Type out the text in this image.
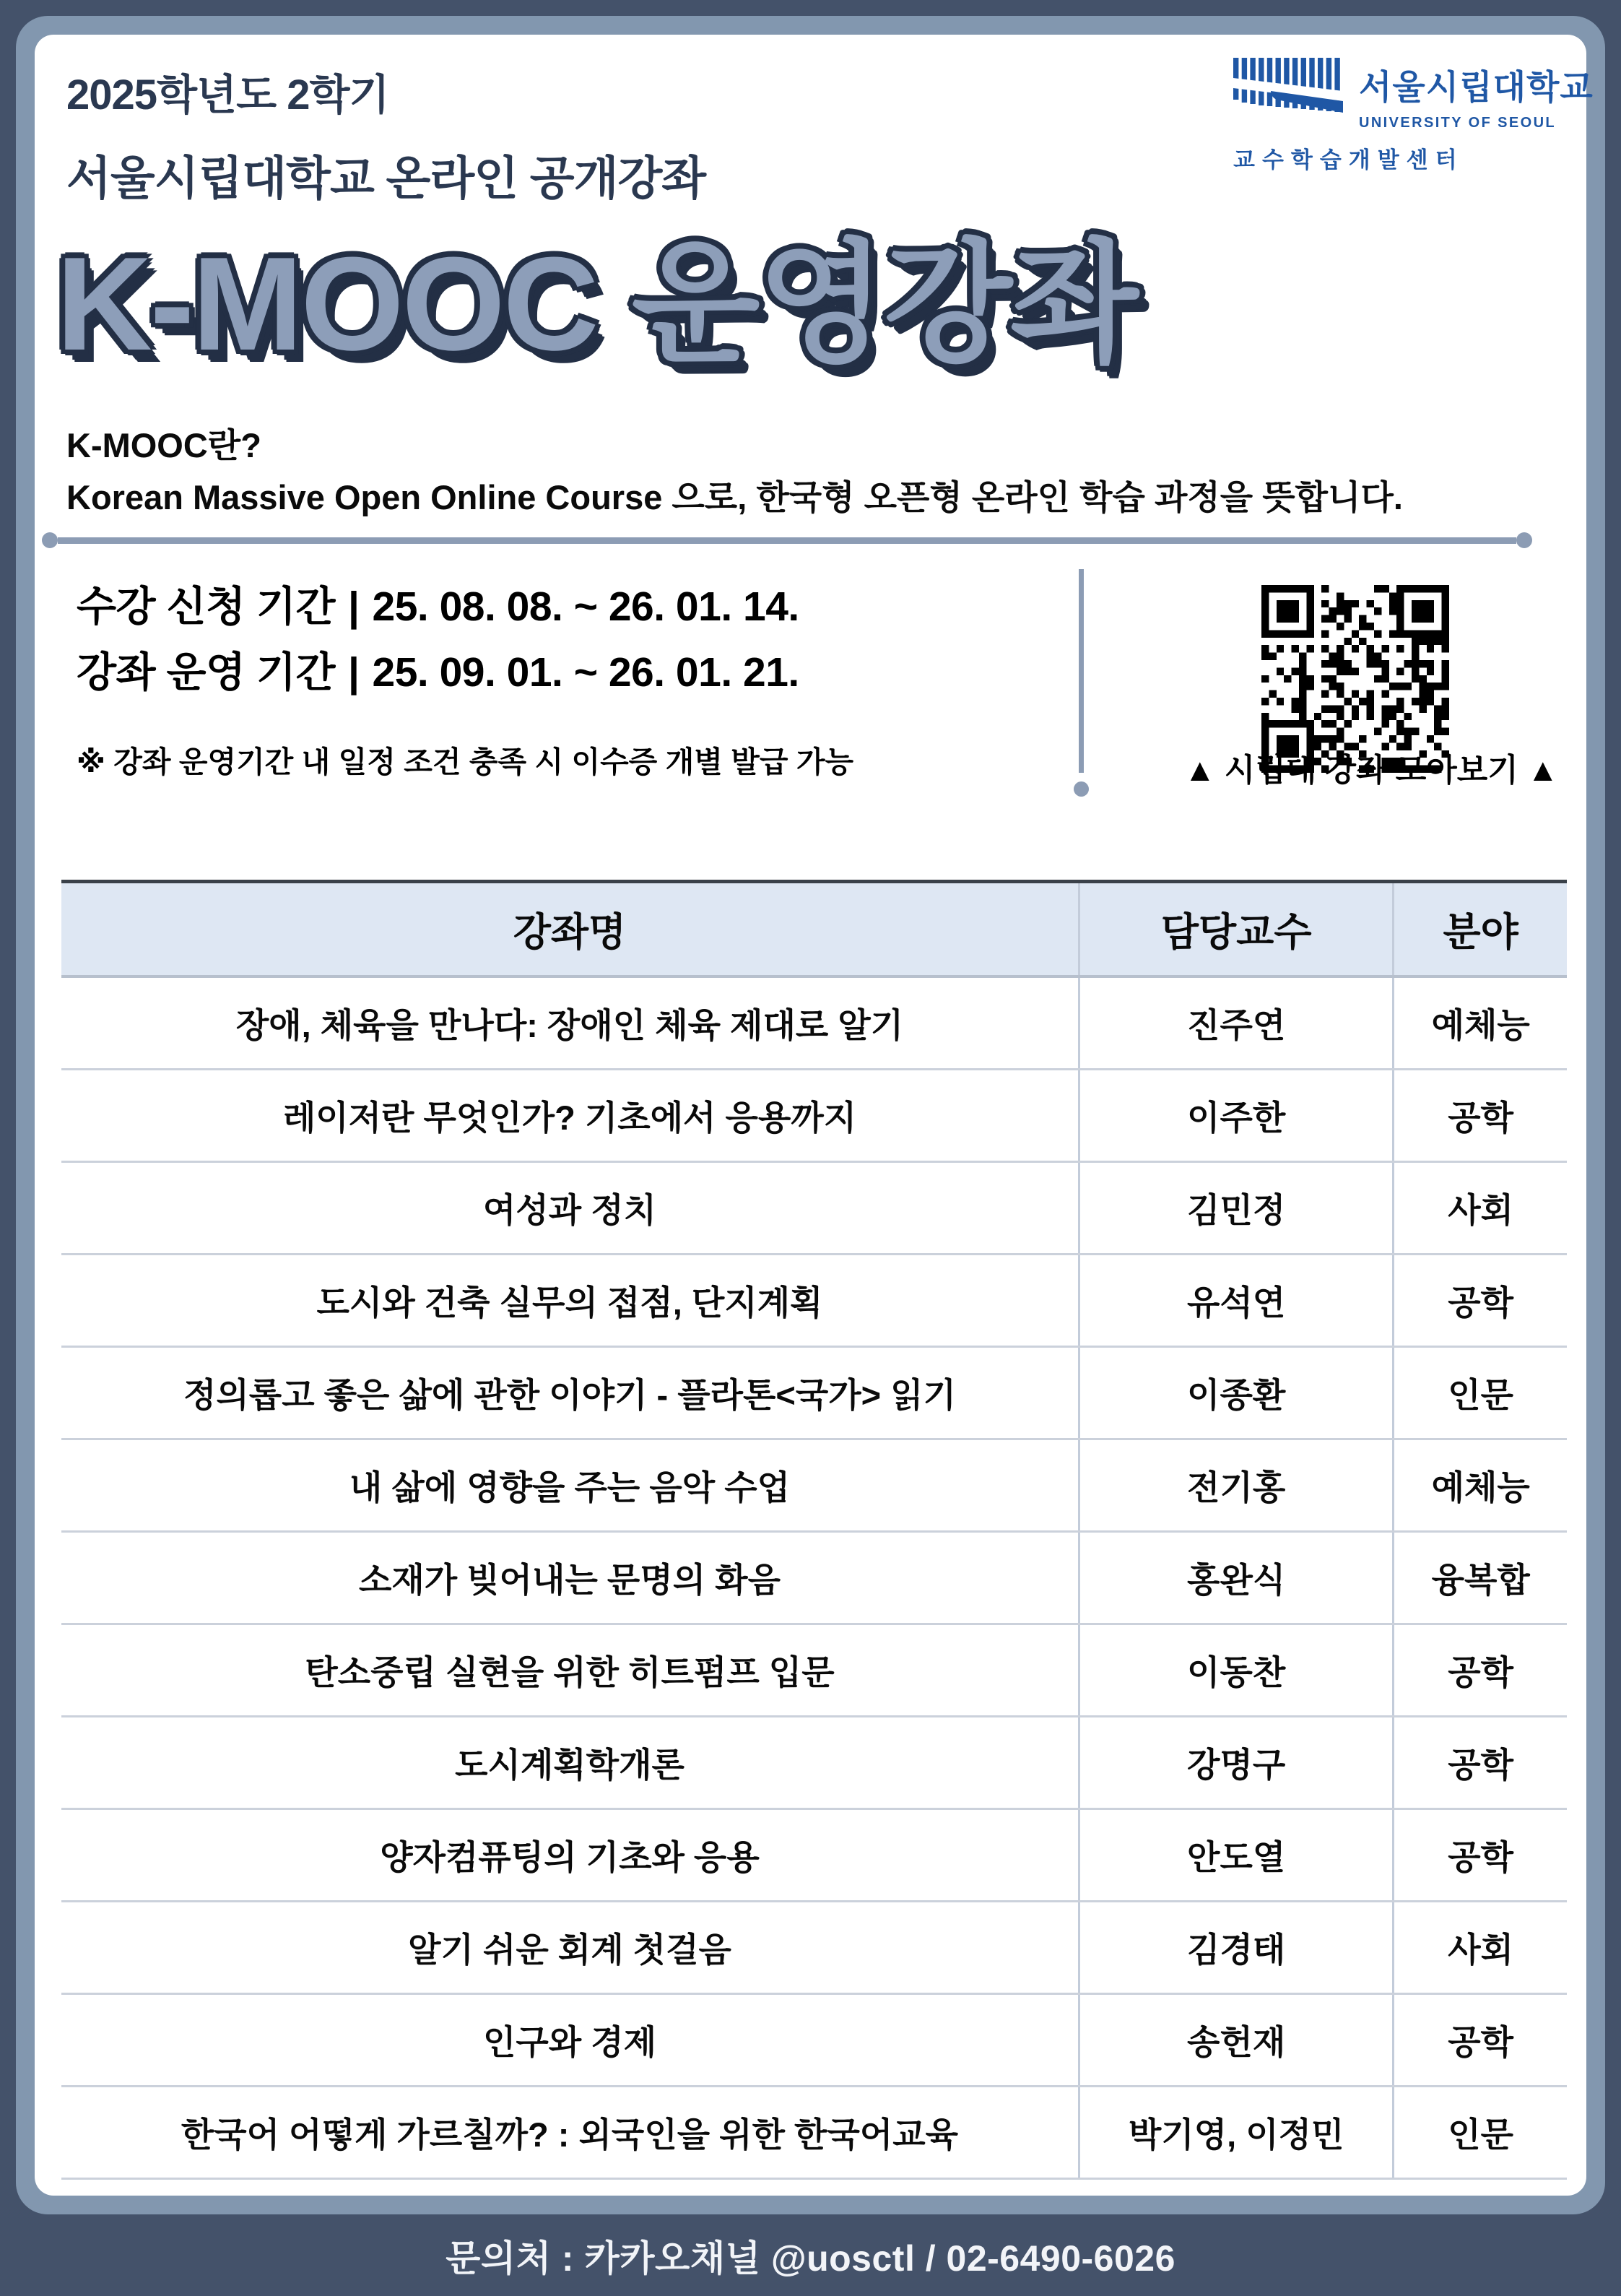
2025학년도 2학기
서울시립대학교 온라인 공개강좌
서울시립대학교
UNIVERSITY OF SEOUL
교수학습개발센터
K-MOOC 운영강좌
K-MOOC란?
Korean Massive Open Online Course 으로, 한국형 오픈형 온라인 학습 과정을 뜻합니다.
수강 신청 기간 | 25. 08. 08. ~ 26. 01. 14.
강좌 운영 기간 | 25. 09. 01. ~ 26. 01. 21.
※ 강좌 운영기간 내 일정 조건 충족 시 이수증 개별 발급 가능	▲ 시립대 강좌 모아보기 ▲
강좌명	담당교수	분야
장애, 체육을 만나다: 장애인 체육 제대로 알기	진주연	예체능
레이저란 무엇인가? 기초에서 응용까지	이주한	공학
여성과 정치	김민정	사회
도시와 건축 실무의 접점, 단지계획	유석연	공학
정의롭고 좋은 삶에 관한 이야기 - 플라톤<국가> 읽기	이종환	인문
내 삶에 영향을 주는 음악 수업	전기홍	예체능
소재가 빚어내는 문명의 화음	홍완식	융복합
탄소중립 실현을 위한 히트펌프 입문	이동찬	공학
도시계획학개론	강명구	공학
양자컴퓨팅의 기초와 응용	안도열	공학
알기 쉬운 회계 첫걸음	김경태	사회
인구와 경제	송헌재	공학
한국어 어떻게 가르칠까? : 외국인을 위한 한국어교육	박기영, 이정민	인문
문의처 : 카카오채널 @uosctl / 02-6490-6026
